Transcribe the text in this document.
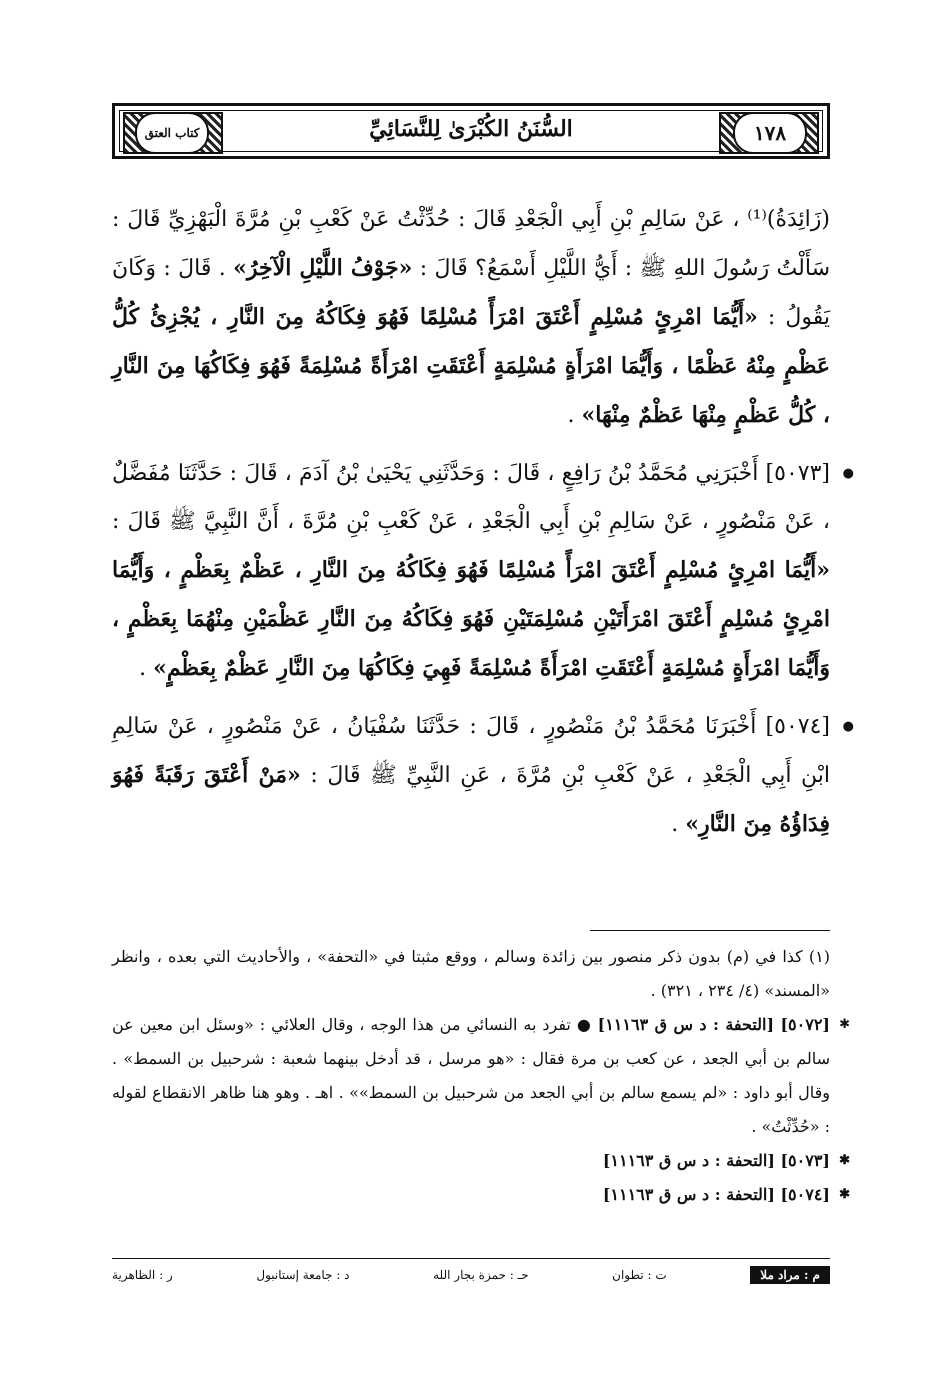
كتاب العتق	السُّنَنُ الكُبْرَىٰ لِلنَّسَائِيِّ	١٧٨

(زَائِدَةُ)⁽¹⁾ ، عَنْ سَالِمِ بْنِ أَبِي الْجَعْدِ قَالَ : حُدِّثْتُ عَنْ كَعْبِ بْنِ مُرَّةَ الْبَهْزِيِّ قَالَ : سَأَلْتُ رَسُولَ اللهِ ﷺ : أَيُّ اللَّيْلِ أَسْمَعُ؟ قَالَ : «جَوْفُ اللَّيْلِ الْآخِرُ» . قَالَ : وَكَانَ يَقُولُ : «أَيُّمَا امْرِئٍ مُسْلِمٍ أَعْتَقَ امْرَأً مُسْلِمًا فَهُوَ فِكَاكُهُ مِنَ النَّارِ ، يُجْزِئُ كُلُّ عَظْمٍ مِنْهُ عَظْمًا ، وَأَيُّمَا امْرَأَةٍ مُسْلِمَةٍ أَعْتَقَتِ امْرَأَةً مُسْلِمَةً فَهُوَ فِكَاكُهَا مِنَ النَّارِ ، كُلُّ عَظْمٍ مِنْهَا عَظْمٌ مِنْهَا» .

● [٥٠٧٣] أَخْبَرَنِي مُحَمَّدُ بْنُ رَافِعٍ ، قَالَ : وَحَدَّثَنِي يَحْيَىٰ بْنُ آدَمَ ، قَالَ : حَدَّثَنَا مُفَضَّلٌ ، عَنْ مَنْصُورٍ ، عَنْ سَالِمِ بْنِ أَبِي الْجَعْدِ ، عَنْ كَعْبِ بْنِ مُرَّةَ ، أَنَّ النَّبِيَّ ﷺ قَالَ : «أَيُّمَا امْرِئٍ مُسْلِمٍ أَعْتَقَ امْرَأً مُسْلِمًا فَهُوَ فِكَاكُهُ مِنَ النَّارِ ، عَظْمٌ بِعَظْمٍ ، وَأَيُّمَا امْرِئٍ مُسْلِمٍ أَعْتَقَ امْرَأَتَيْنِ مُسْلِمَتَيْنِ فَهُوَ فِكَاكُهُ مِنَ النَّارِ عَظْمَيْنِ مِنْهُمَا بِعَظْمٍ ، وَأَيُّمَا امْرَأَةٍ مُسْلِمَةٍ أَعْتَقَتِ امْرَأَةً مُسْلِمَةً فَهِيَ فِكَاكُهَا مِنَ النَّارِ عَظْمٌ بِعَظْمٍ» .

● [٥٠٧٤] أَخْبَرَنَا مُحَمَّدُ بْنُ مَنْصُورٍ ، قَالَ : حَدَّثَنَا سُفْيَانُ ، عَنْ مَنْصُورٍ ، عَنْ سَالِمِ ابْنِ أَبِي الْجَعْدِ ، عَنْ كَعْبِ بْنِ مُرَّةَ ، عَنِ النَّبِيِّ ﷺ قَالَ : «مَنْ أَعْتَقَ رَقَبَةً فَهُوَ فِدَاؤُهُ مِنَ النَّارِ» .

(١) كذا في (م) بدون ذكر منصور بين زائدة وسالم ، ووقع مثبتا في «التحفة» ، والأحاديث التي بعده ، وانظر «المسند» (٤/ ٢٣٤ ، ٣٢١) .

✱ [٥٠٧٢] [التحفة : د س ق ١١١٦٣] ● تفرد به النسائي من هذا الوجه ، وقال العلائي : «وسئل ابن معين عن سالم بن أبي الجعد ، عن كعب بن مرة فقال : «هو مرسل ، قد أدخل بينهما شعبة : شرحبيل بن السمط» . وقال أبو داود : «لم يسمع سالم بن أبي الجعد من شرحبيل بن السمط»» . اهـ . وهو هنا ظاهر الانقطاع لقوله : «حُدِّثْتُ» .

✱ [٥٠٧٣] [التحفة : د س ق ١١١٦٣]

✱ [٥٠٧٤] [التحفة : د س ق ١١١٦٣]

م : مراد ملا
ت : تطوان
حـ : حمزة بجار الله
د : جامعة إستانبول
ر : الظاهرية
